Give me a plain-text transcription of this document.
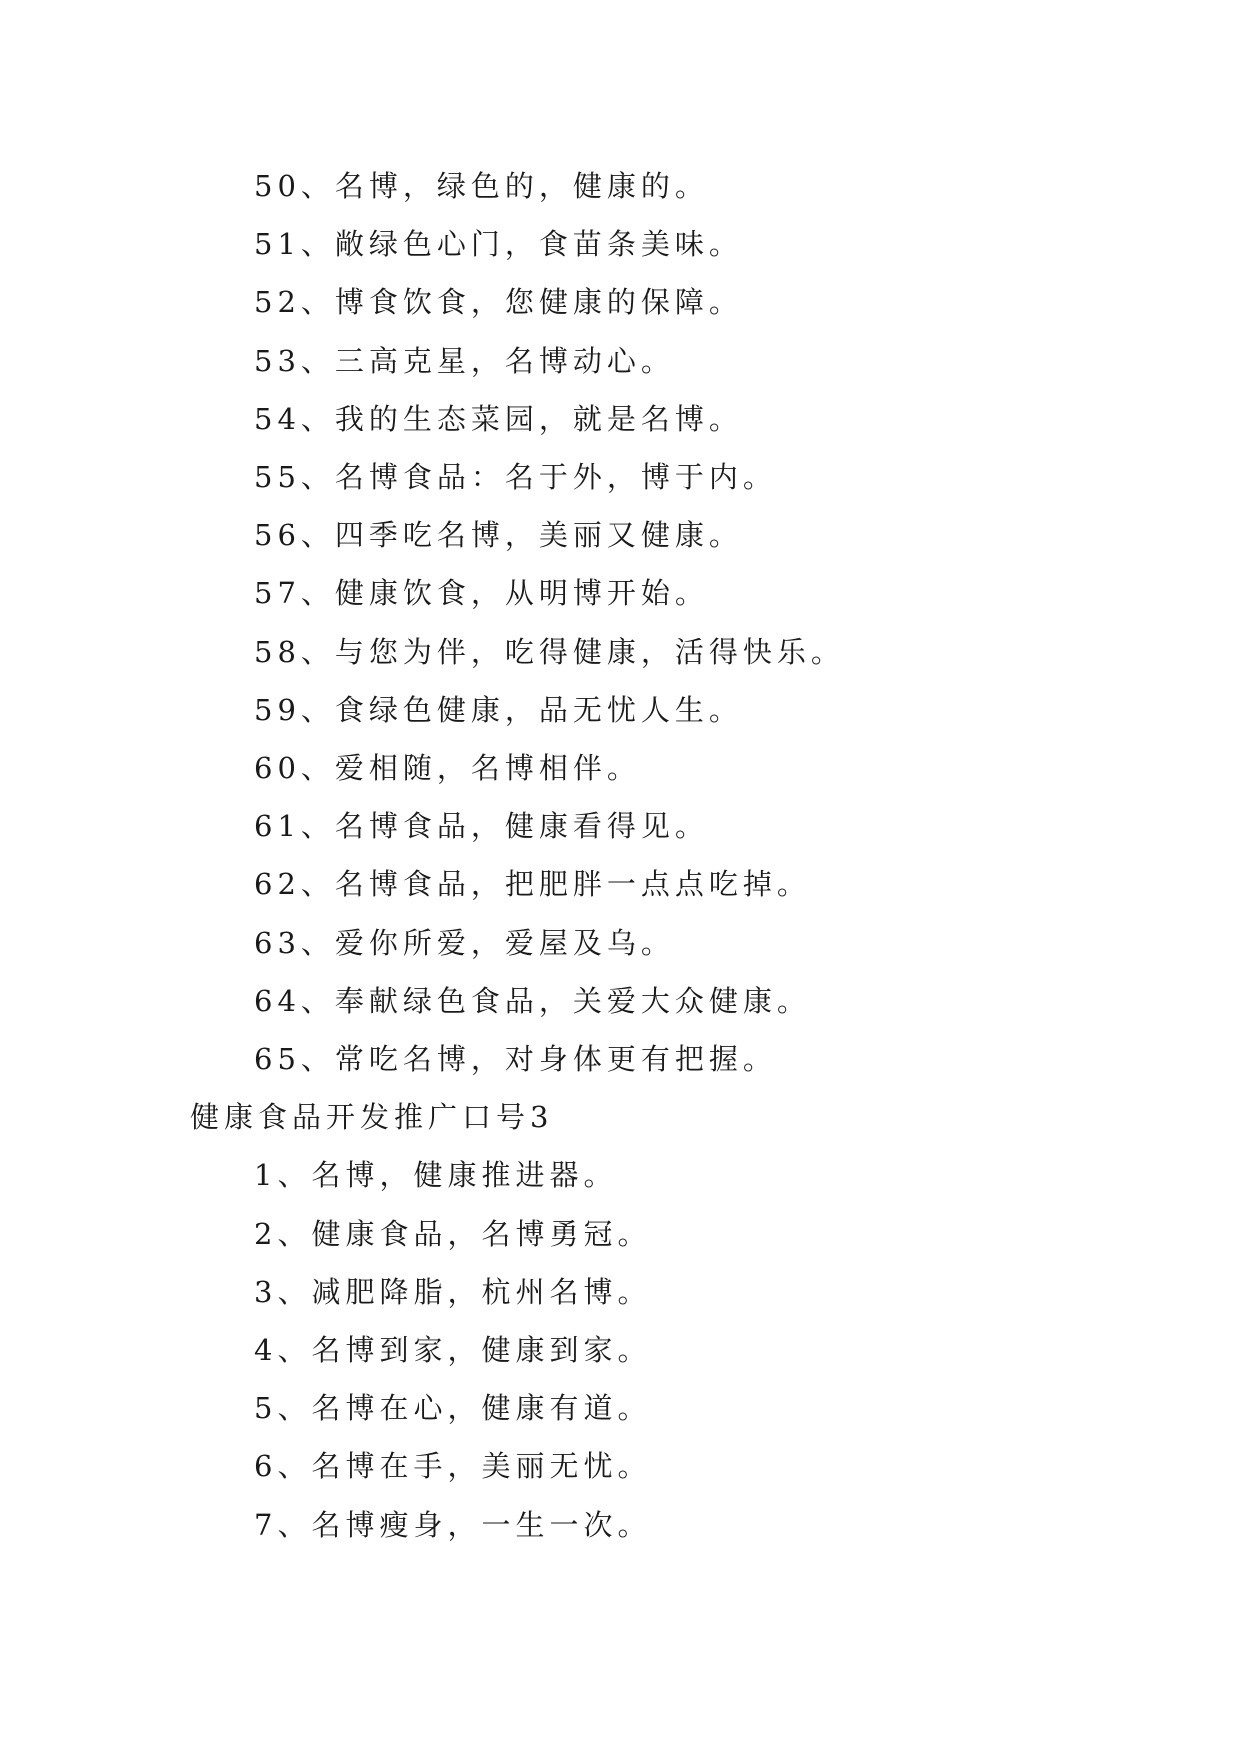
50、名博，绿色的，健康的。
51、敞绿色心门，食苗条美味。
52、博食饮食，您健康的保障。
53、三高克星，名博动心。
54、我的生态菜园，就是名博。
55、名博食品：名于外，博于内。
56、四季吃名博，美丽又健康。
57、健康饮食，从明博开始。
58、与您为伴，吃得健康，活得快乐。
59、食绿色健康，品无忧人生。
60、爱相随，名博相伴。
61、名博食品，健康看得见。
62、名博食品，把肥胖一点点吃掉。
63、爱你所爱，爱屋及乌。
64、奉献绿色食品，关爱大众健康。
65、常吃名博，对身体更有把握。
健康食品开发推广口号3
1、名博，健康推进器。
2、健康食品，名博勇冠。
3、减肥降脂，杭州名博。
4、名博到家，健康到家。
5、名博在心，健康有道。
6、名博在手，美丽无忧。
7、名博瘦身，一生一次。
